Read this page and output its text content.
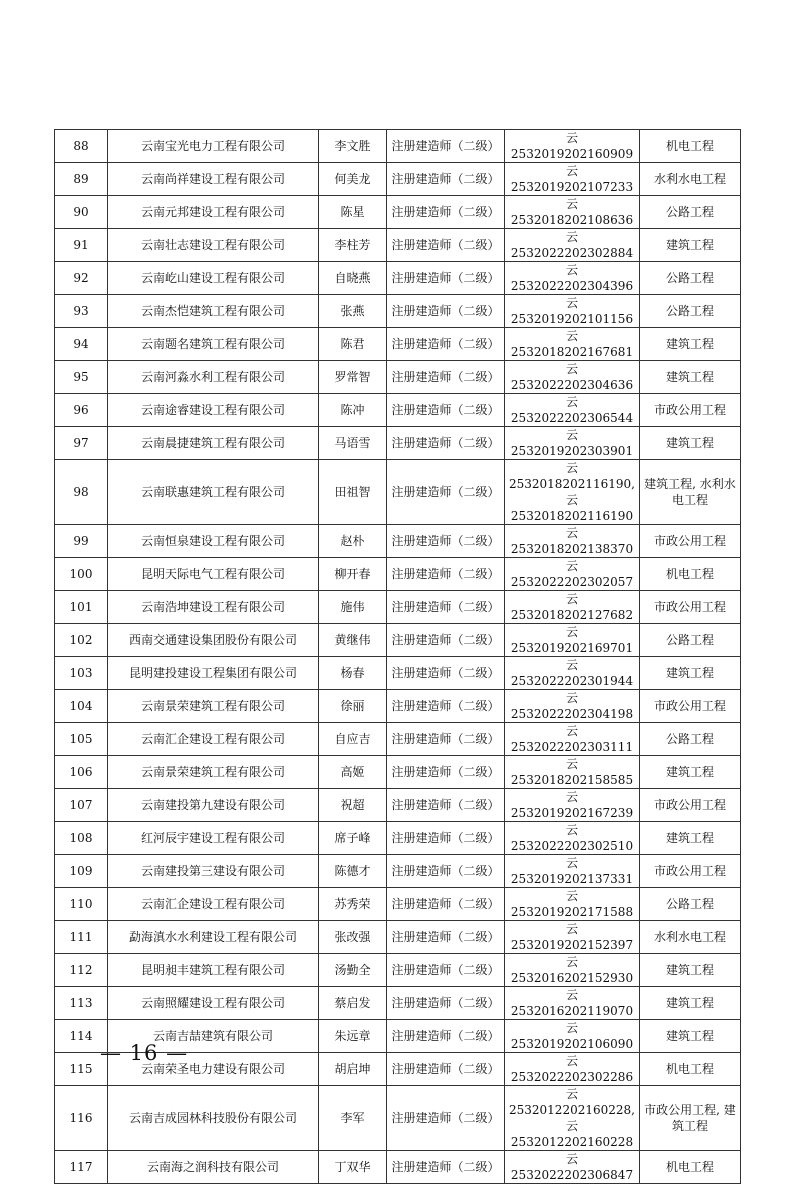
88	云南宝光电力工程有限公司	李文胜	注册建造师（二级）	云 2532019202160909	机电工程
89	云南尚祥建设工程有限公司	何美龙	注册建造师（二级）	云 2532019202107233	水利水电工程
90	云南元邦建设工程有限公司	陈星	注册建造师（二级）	云 2532018202108636	公路工程
91	云南壮志建设工程有限公司	李柱芳	注册建造师（二级）	云 2532022202302884	建筑工程
92	云南屹山建设工程有限公司	自晓燕	注册建造师（二级）	云 2532022202304396	公路工程
93	云南杰恺建筑工程有限公司	张燕	注册建造师（二级）	云 2532019202101156	公路工程
94	云南题名建筑工程有限公司	陈君	注册建造师（二级）	云 2532018202167681	建筑工程
95	云南河淼水利工程有限公司	罗常智	注册建造师（二级）	云 2532022202304636	建筑工程
96	云南途睿建设工程有限公司	陈冲	注册建造师（二级）	云 2532022202306544	市政公用工程
97	云南晨捷建筑工程有限公司	马语雪	注册建造师（二级）	云 2532019202303901	建筑工程
98	云南联惠建筑工程有限公司	田祖智	注册建造师（二级）	云 2532018202116190,
云 2532018202116190	建筑工程, 水利水
电工程
99	云南恒泉建设工程有限公司	赵朴	注册建造师（二级）	云 2532018202138370	市政公用工程
100	昆明天际电气工程有限公司	柳开春	注册建造师（二级）	云 2532022202302057	机电工程
101	云南浩坤建设工程有限公司	施伟	注册建造师（二级）	云 2532018202127682	市政公用工程
102	西南交通建设集团股份有限公司	黄继伟	注册建造师（二级）	云 2532019202169701	公路工程
103	昆明建投建设工程集团有限公司	杨春	注册建造师（二级）	云 2532022202301944	建筑工程
104	云南景荣建筑工程有限公司	徐丽	注册建造师（二级）	云 2532022202304198	市政公用工程
105	云南汇企建设工程有限公司	自应吉	注册建造师（二级）	云 2532022202303111	公路工程
106	云南景荣建筑工程有限公司	高姬	注册建造师（二级）	云 2532018202158585	建筑工程
107	云南建投第九建设有限公司	祝超	注册建造师（二级）	云 2532019202167239	市政公用工程
108	红河辰宇建设工程有限公司	席子峰	注册建造师（二级）	云 2532022202302510	建筑工程
109	云南建投第三建设有限公司	陈德才	注册建造师（二级）	云 2532019202137331	市政公用工程
110	云南汇企建设工程有限公司	苏秀荣	注册建造师（二级）	云 2532019202171588	公路工程
111	勐海滇水水利建设工程有限公司	张改强	注册建造师（二级）	云 2532019202152397	水利水电工程
112	昆明昶丰建筑工程有限公司	汤勤全	注册建造师（二级）	云 2532016202152930	建筑工程
113	云南照耀建设工程有限公司	蔡启发	注册建造师（二级）	云 2532016202119070	建筑工程
114	云南吉喆建筑有限公司	朱远章	注册建造师（二级）	云 2532019202106090	建筑工程
115	云南荣圣电力建设有限公司	胡启坤	注册建造师（二级）	云 2532022202302286	机电工程
116	云南吉成园林科技股份有限公司	李军	注册建造师（二级）	云 2532012202160228,
云 2532012202160228	市政公用工程, 建
筑工程
117	云南海之润科技有限公司	丁双华	注册建造师（二级）	云 2532022202306847	机电工程
— 16 —
